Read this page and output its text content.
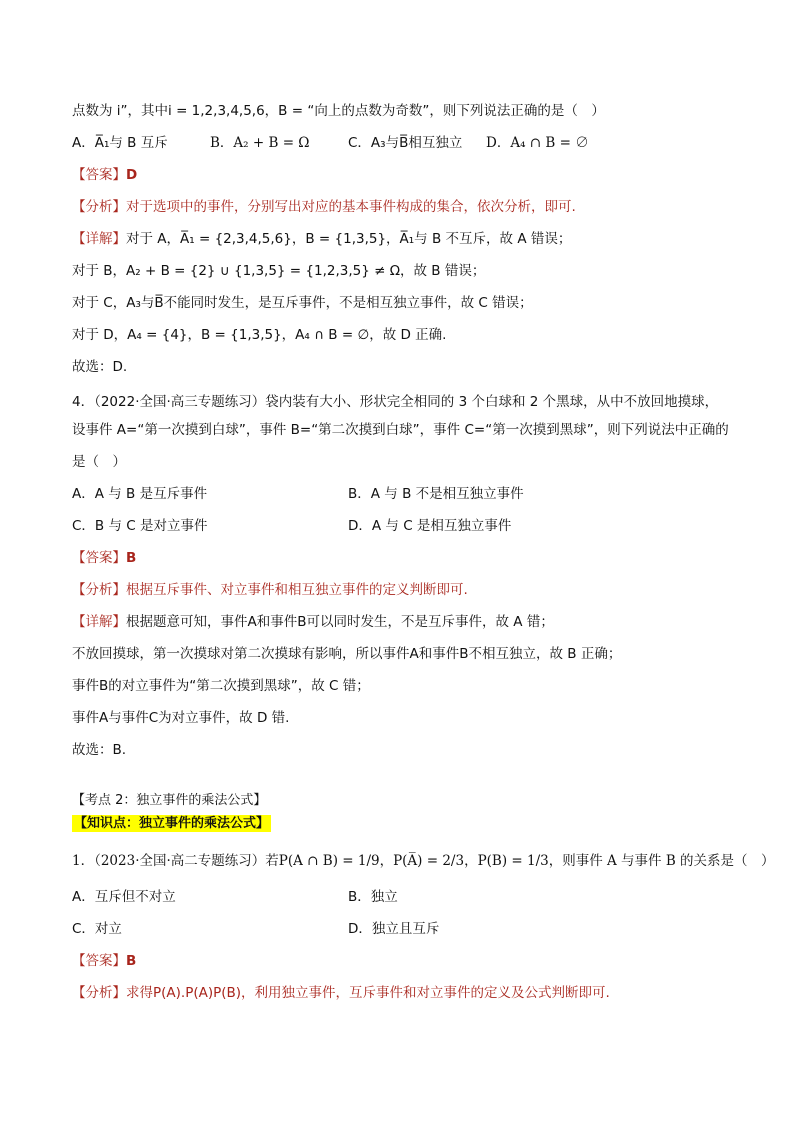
点数为 i”，其中i = 1,2,3,4,5,6，B = “向上的点数为奇数”，则下列说法正确的是（　）
A．A̅₁与 B 互斥	B．A₂ + B = Ω	C．A₃与B̅相互独立 D．A₄ ∩ B = ∅
【答案】D
【分析】对于选项中的事件，分别写出对应的基本事件构成的集合，依次分析，即可.
【详解】对于 A，A̅₁ = {2,3,4,5,6}，B = {1,3,5}，A̅₁与 B 不互斥，故 A 错误；
对于 B，A₂ + B = {2} ∪ {1,3,5} = {1,2,3,5} ≠ Ω，故 B 错误；
对于 C，A₃与B̅不能同时发生，是互斥事件，不是相互独立事件，故 C 错误；
对于 D，A₄ = {4}，B = {1,3,5}，A₄ ∩ B = ∅，故 D 正确.
故选：D.
4．（2022·全国·高三专题练习）袋内装有大小、形状完全相同的 3 个白球和 2 个黑球，从中不放回地摸球，
设事件 A=“第一次摸到白球”，事件 B=“第二次摸到白球”，事件 C=“第一次摸到黑球”，则下列说法中正确的
是（　）
A．A 与 B 是互斥事件	B．A 与 B 不是相互独立事件
C．B 与 C 是对立事件	D．A 与 C 是相互独立事件
【答案】B
【分析】根据互斥事件、对立事件和相互独立事件的定义判断即可.
【详解】根据题意可知，事件A和事件B可以同时发生，不是互斥事件，故 A 错；
不放回摸球，第一次摸球对第二次摸球有影响，所以事件A和事件B不相互独立，故 B 正确；
事件B的对立事件为“第二次摸到黑球”，故 C 错；
事件A与事件C为对立事件，故 D 错.
故选：B.
【考点 2：独立事件的乘法公式】
【知识点：独立事件的乘法公式】
1．（2023·全国·高二专题练习）若P(A ∩ B) = 1/9，P(A̅) = 2/3，P(B) = 1/3，则事件 A 与事件 B 的关系是（　）
A．互斥但不对立	B．独立
C．对立	D．独立且互斥
【答案】B
【分析】求得P(A).P(A)P(B)，利用独立事件，互斥事件和对立事件的定义及公式判断即可.
